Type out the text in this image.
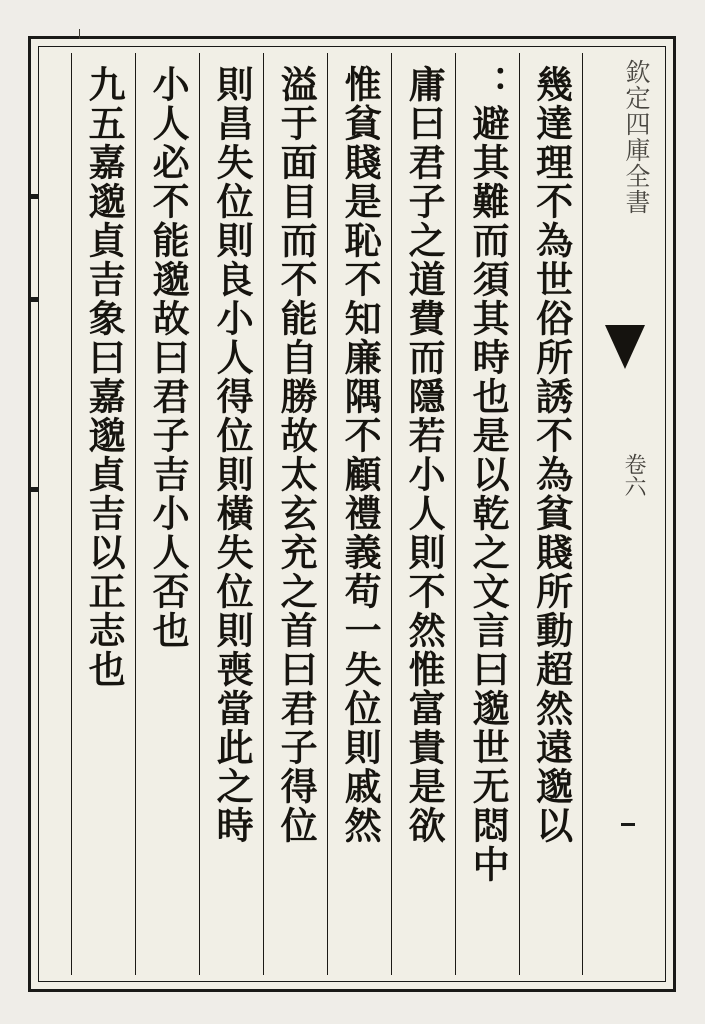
幾達理不為世俗所誘不為貧賤所動超然遠邈以
：避其難而須其時也是以乾之文言曰邈世无悶中
庸曰君子之道費而隱若小人則不然惟富貴是欲
惟貧賤是恥不知廉隅不顧禮義苟一失位則戚然
溢于面目而不能自勝故太玄充之首曰君子得位
則昌失位則良小人得位則橫失位則喪當此之時
小人必不能邈故曰君子吉小人否也
九五嘉邈貞吉象曰嘉邈貞吉以正志也	欽定四庫全書
卷六
